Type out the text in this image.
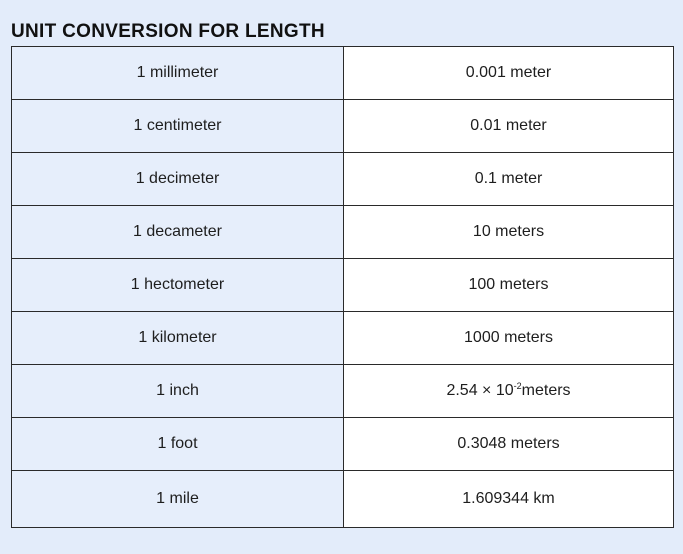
UNIT CONVERSION FOR LENGTH
1 millimeter	0.001 meter
1 centimeter	0.01 meter
1 decimeter	0.1 meter
1 decameter	10 meters
1 hectometer	100 meters
1 kilometer	1000 meters
1 inch	$2.54 \times 10^{-2}meters$
1 foot	0.3048 meters
1 mile	1.609344 km
